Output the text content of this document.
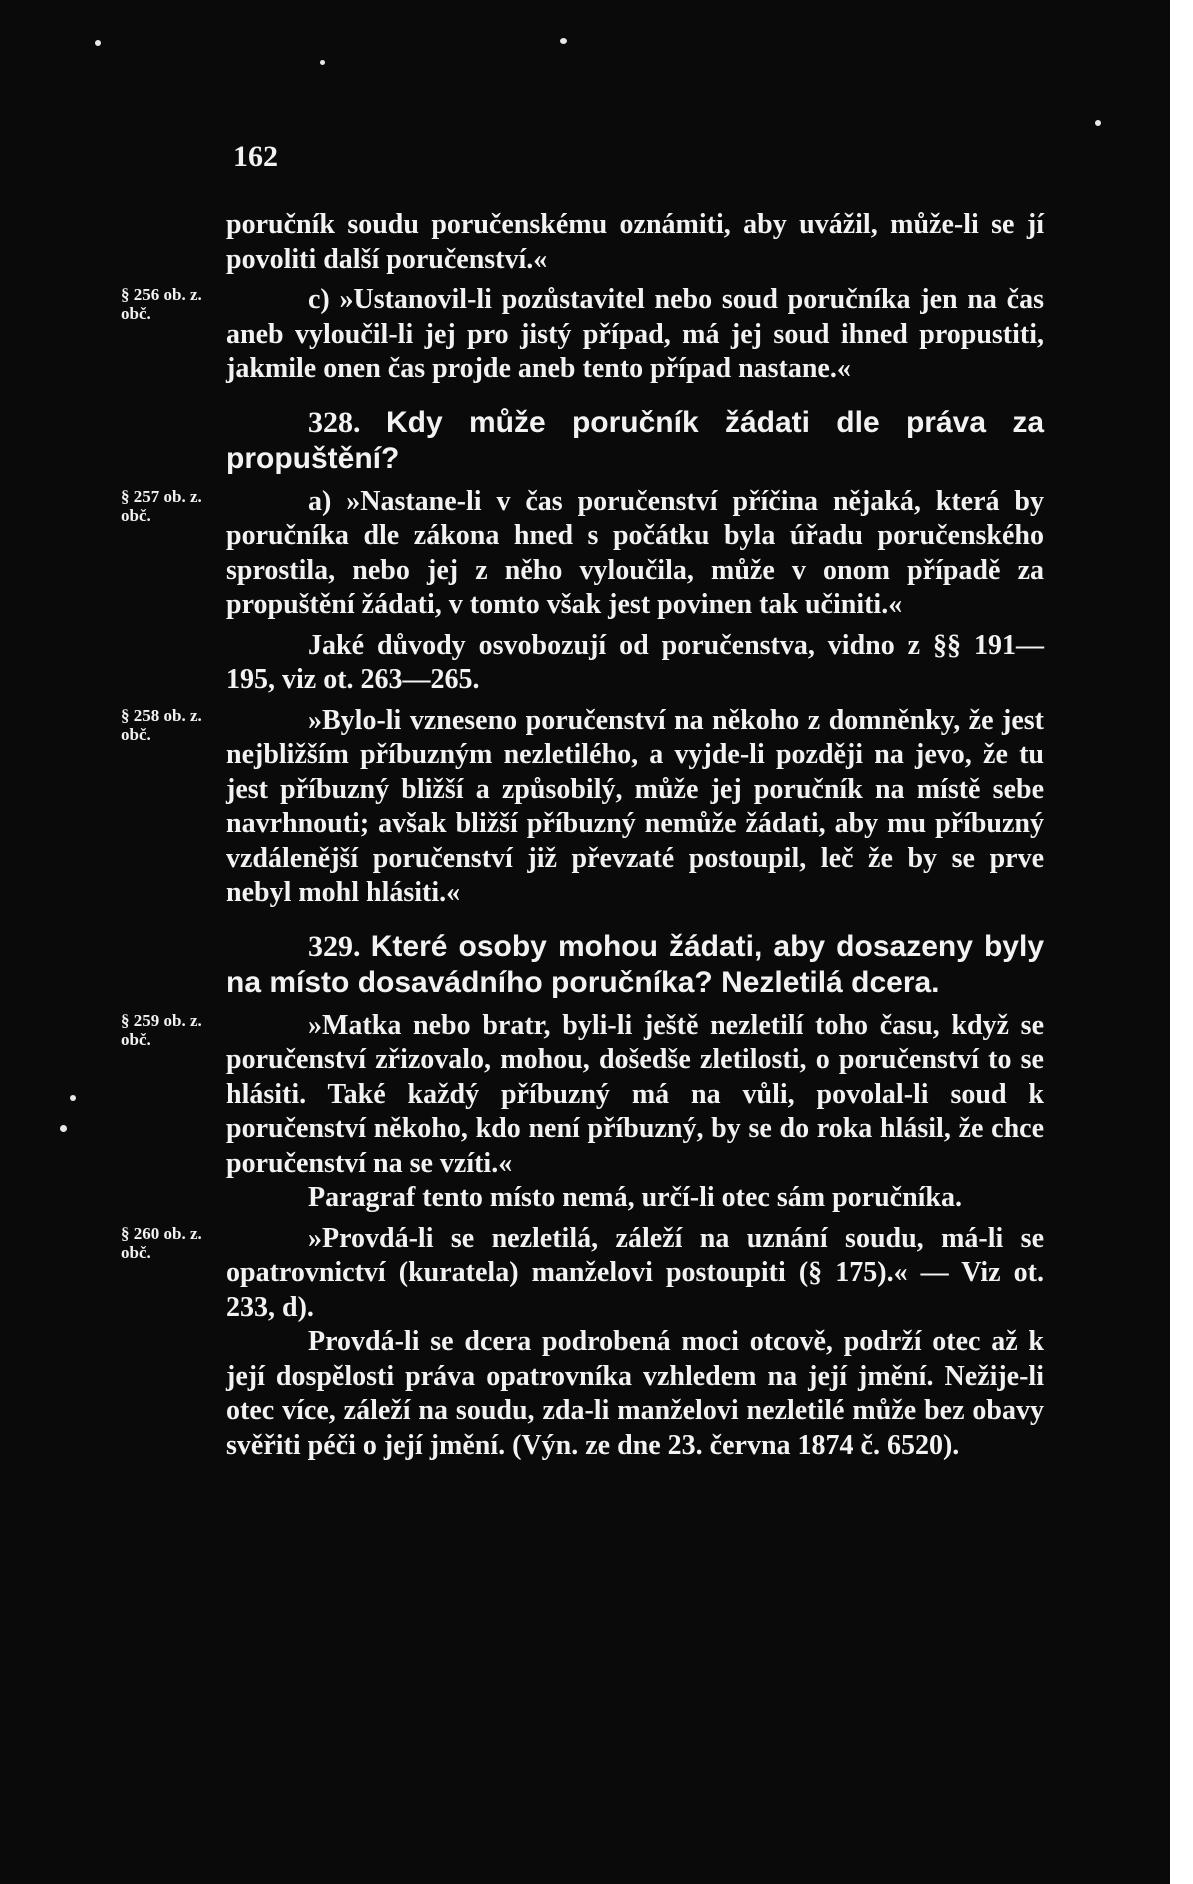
162

poručník soudu poručenskému oznámiti, aby uvážil, může-li se jí povoliti další poručenství.«

§ 256 ob. z. obč.	c) »Ustanovil-li pozůstavitel nebo soud poručníka jen na čas aneb vyloučil-li jej pro jistý případ, má jej soud ihned propustiti, jakmile onen čas projde aneb tento případ nastane.«

328. Kdy může poručník žádati dle práva za propuštění?

§ 257 ob. z. obč.	a) »Nastane-li v čas poručenství příčina nějaká, která by poručníka dle zákona hned s počátku byla úřadu poručenského sprostila, nebo jej z něho vyloučila, může v onom případě za propuštění žádati, v tomto však jest povinen tak učiniti.«

Jaké důvody osvobozují od poručenstva, vidno z §§ 191—195, viz ot. 263—265.

§ 258 ob. z. obč.	»Bylo-li vzneseno poručenství na někoho z domněnky, že jest nejbližším příbuzným nezletilého, a vyjde-li později na jevo, že tu jest příbuzný bližší a způsobilý, může jej poručník na místě sebe navrhnouti; avšak bližší příbuzný nemůže žádati, aby mu příbuzný vzdálenější poručenství již převzaté postoupil, leč že by se prve nebyl mohl hlásiti.«

329. Které osoby mohou žádati, aby dosazeny byly na místo dosavádního poručníka? Nezletilá dcera.

§ 259 ob. z. obč.	»Matka nebo bratr, byli-li ještě nezletilí toho času, když se poručenství zřizovalo, mohou, došedše zletilosti, o poručenství to se hlásiti. Také každý příbuzný má na vůli, povolal-li soud k poručenství někoho, kdo není příbuzný, by se do roka hlásil, že chce poručenství na se vzíti.«

Paragraf tento místo nemá, určí-li otec sám poručníka.

§ 260 ob. z. obč.	»Provdá-li se nezletilá, záleží na uznání soudu, má-li se opatrovnictví (kuratela) manželovi postoupiti (§ 175).« — Viz ot. 233, d).

Provdá-li se dcera podrobená moci otcově, podrží otec až k její dospělosti práva opatrovníka vzhledem na její jmění. Nežije-li otec více, záleží na soudu, zda-li manželovi nezletilé může bez obavy svěřiti péči o její jmění. (Výn. ze dne 23. června 1874 č. 6520).
